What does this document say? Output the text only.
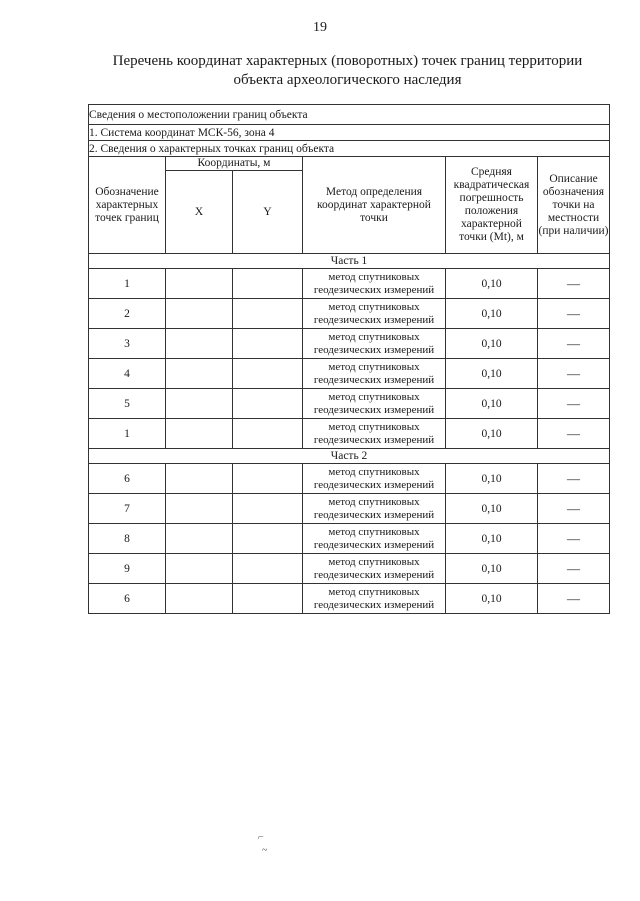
19
Перечень координат характерных (поворотных) точек границ территории
объекта археологического наследия
Сведения о местоположении границ объекта					
1. Система координат МСК-56, зона 4					
2. Сведения о характерных точках границ объекта					
Обозначение характерных точек границ	Координаты, м		Метод определения координат характерной точки	Средняя квадратическая погрешность положения характерной точки (Mt), м	Описание обозначения точки на местности (при наличии)
	X	Y			
Часть 1					
1			метод спутниковых геодезических измерений	0,10	—
2			метод спутниковых геодезических измерений	0,10	—
3			метод спутниковых геодезических измерений	0,10	—
4			метод спутниковых геодезических измерений	0,10	—
5			метод спутниковых геодезических измерений	0,10	—
1			метод спутниковых геодезических измерений	0,10	—
Часть 2					
6			метод спутниковых геодезических измерений	0,10	—
7			метод спутниковых геодезических измерений	0,10	—
8			метод спутниковых геодезических измерений	0,10	—
9			метод спутниковых геодезических измерений	0,10	—
6			метод спутниковых геодезических измерений	0,10	—
⌐
~
